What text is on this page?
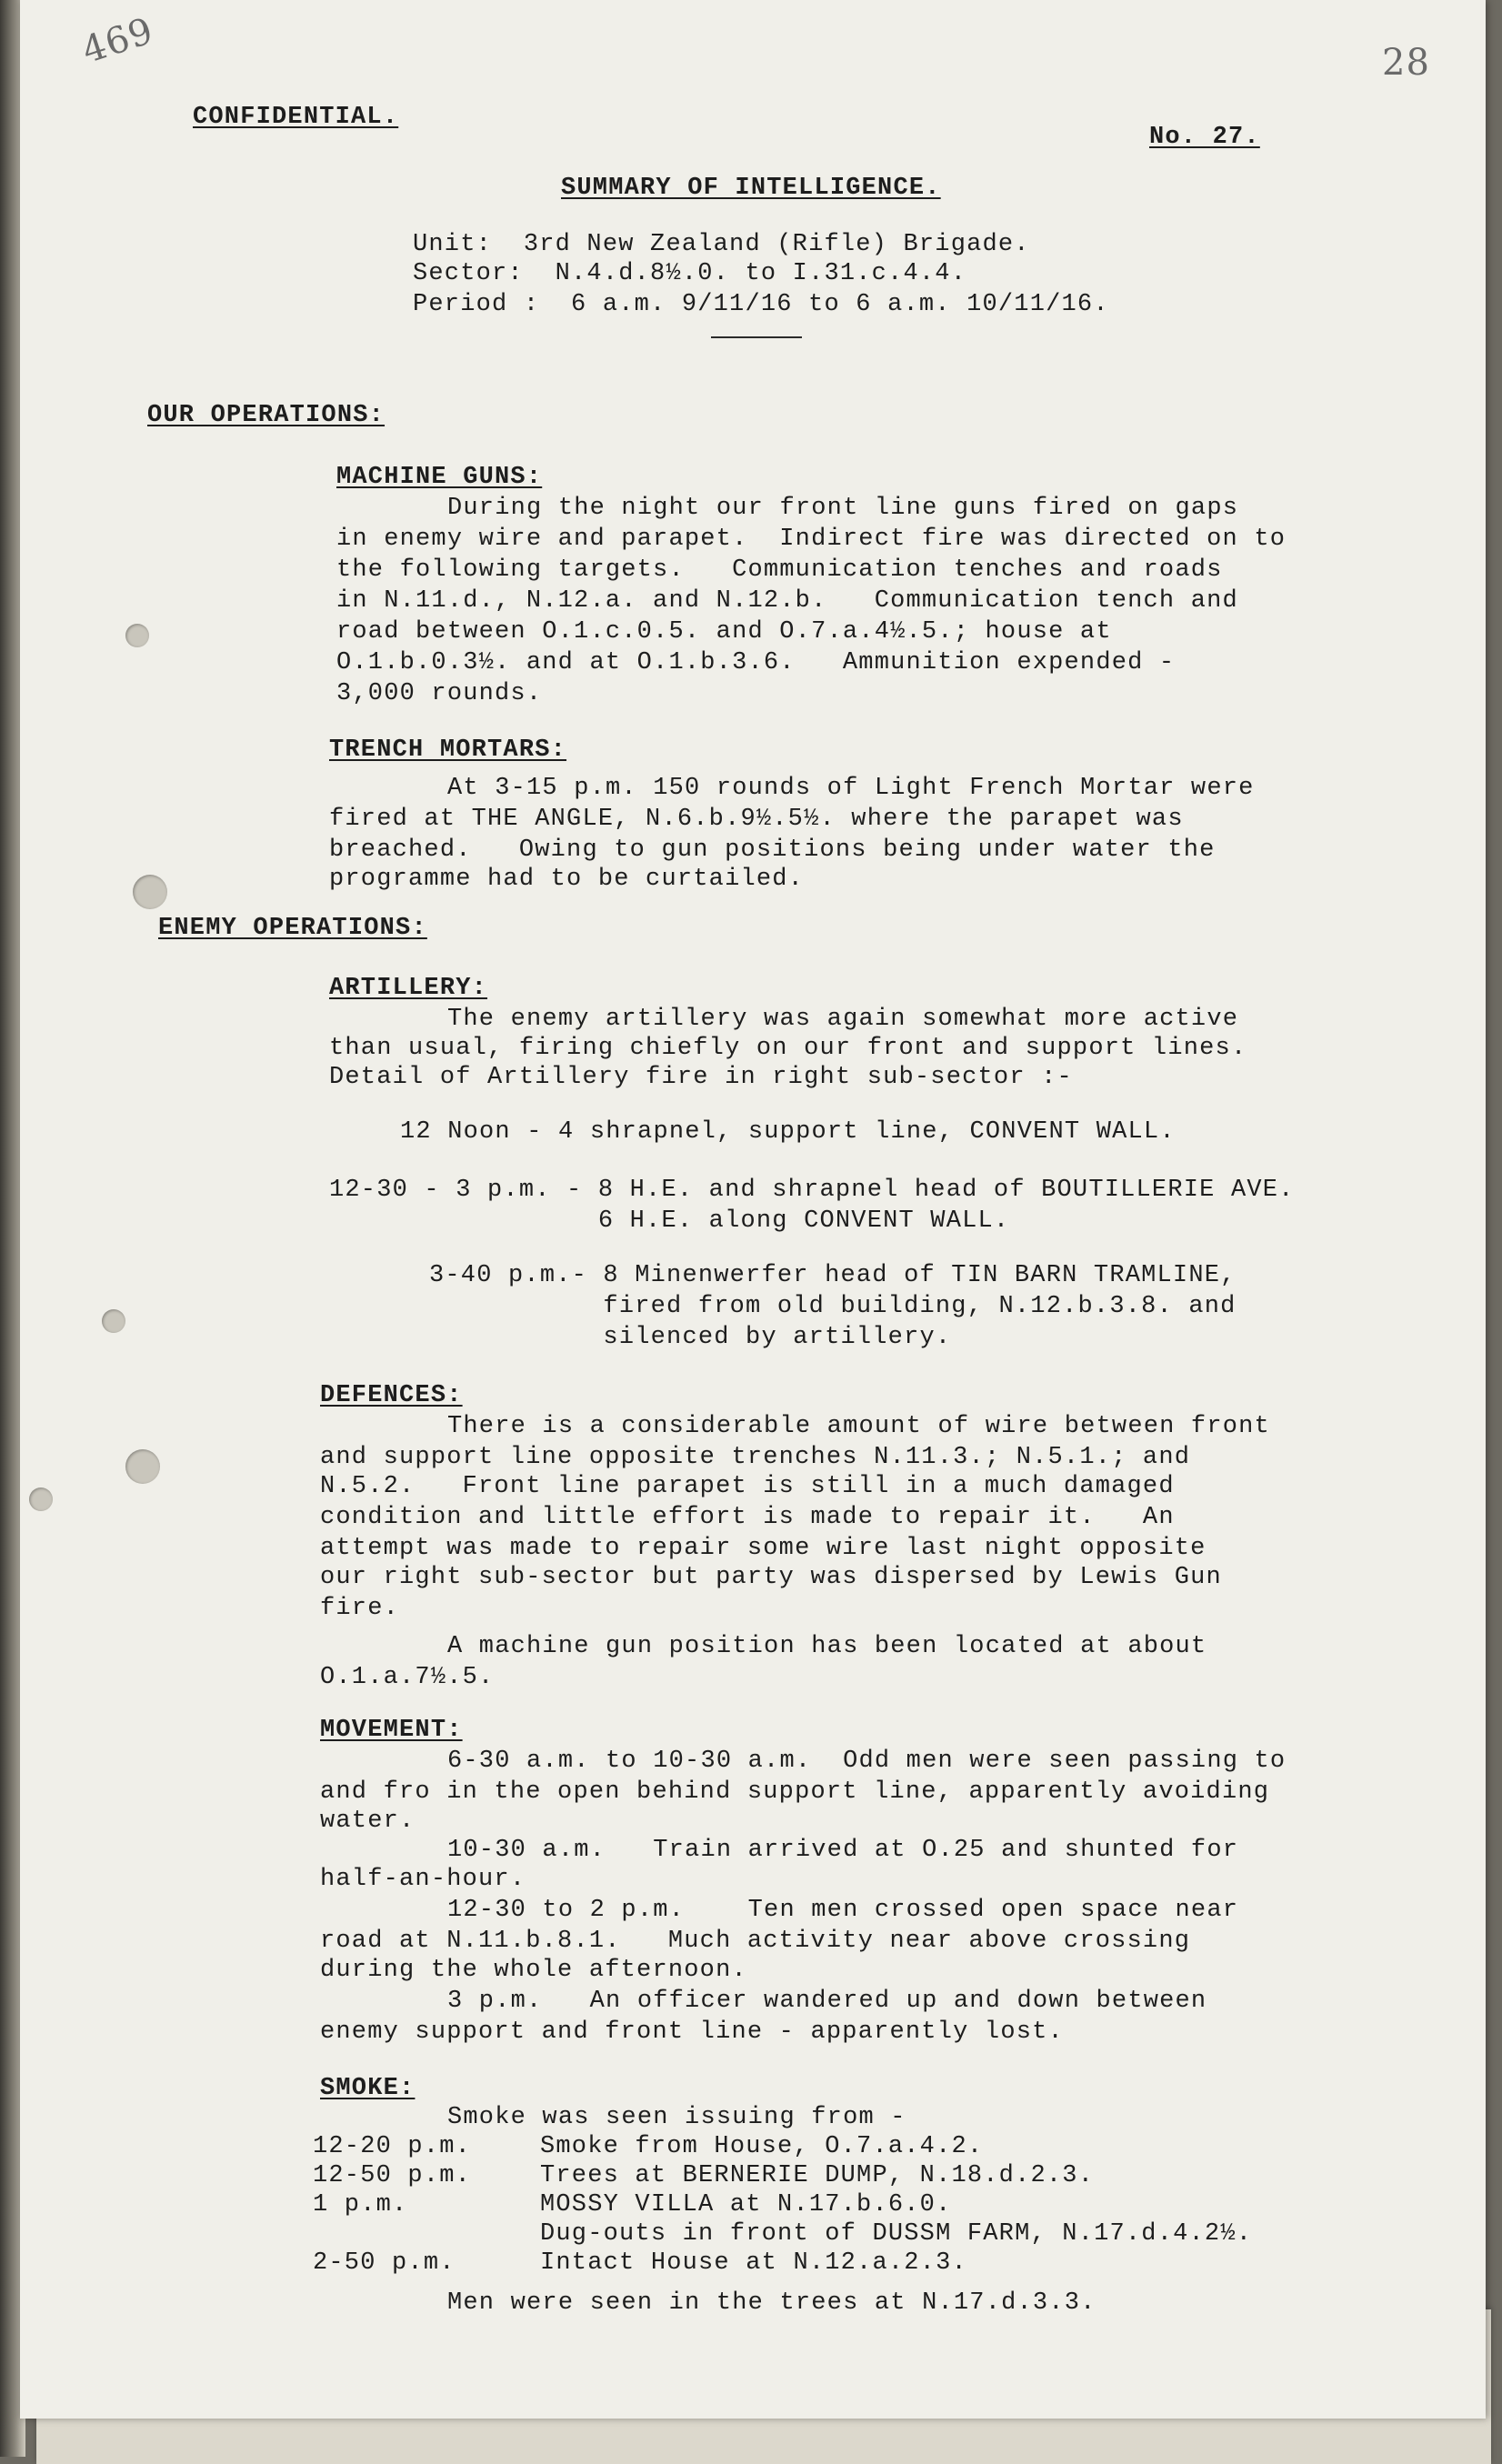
469	28
CONFIDENTIAL.
No. 27.
SUMMARY OF INTELLIGENCE.
Unit:  3rd New Zealand (Rifle) Brigade.
Sector:  N.4.d.8½.0. to I.31.c.4.4.
Period :  6 a.m. 9/11/16 to 6 a.m. 10/11/16.
OUR OPERATIONS:
MACHINE GUNS:
During the night our front line guns fired on gaps
in enemy wire and parapet.  Indirect fire was directed on to
the following targets.   Communication tenches and roads
in N.11.d., N.12.a. and N.12.b.   Communication tench and
road between O.1.c.0.5. and O.7.a.4½.5.; house at
O.1.b.0.3½. and at O.1.b.3.6.   Ammunition expended -
3,000 rounds.
TRENCH MORTARS:
At 3-15 p.m. 150 rounds of Light French Mortar were
fired at THE ANGLE, N.6.b.9½.5½. where the parapet was
breached.   Owing to gun positions being under water the
programme had to be curtailed.
ENEMY OPERATIONS:
ARTILLERY:
The enemy artillery was again somewhat more active
than usual, firing chiefly on our front and support lines.
Detail of Artillery fire in right sub-sector :-
12 Noon - 4 shrapnel, support line, CONVENT WALL.
12-30 - 3 p.m. - 8 H.E. and shrapnel head of BOUTILLERIE AVE.
6 H.E. along CONVENT WALL.
3-40 p.m.- 8 Minenwerfer head of TIN BARN TRAMLINE,
fired from old building, N.12.b.3.8. and
silenced by artillery.
DEFENCES:
There is a considerable amount of wire between front
and support line opposite trenches N.11.3.; N.5.1.; and
N.5.2.   Front line parapet is still in a much damaged
condition and little effort is made to repair it.   An
attempt was made to repair some wire last night opposite
our right sub-sector but party was dispersed by Lewis Gun
fire.
A machine gun position has been located at about
O.1.a.7½.5.
MOVEMENT:
6-30 a.m. to 10-30 a.m.  Odd men were seen passing to
and fro in the open behind support line, apparently avoiding
water.
10-30 a.m.   Train arrived at O.25 and shunted for
half-an-hour.
12-30 to 2 p.m.    Ten men crossed open space near
road at N.11.b.8.1.   Much activity near above crossing
during the whole afternoon.
3 p.m.   An officer wandered up and down between
enemy support and front line - apparently lost.
SMOKE:
Smoke was seen issuing from -
12-20 p.m.	Smoke from House, O.7.a.4.2.
12-50 p.m.	Trees at BERNERIE DUMP, N.18.d.2.3.
1 p.m.	MOSSY VILLA at N.17.b.6.0.
Dug-outs in front of DUSSM FARM, N.17.d.4.2½.
2-50 p.m.	Intact House at N.12.a.2.3.
Men were seen in the trees at N.17.d.3.3.
